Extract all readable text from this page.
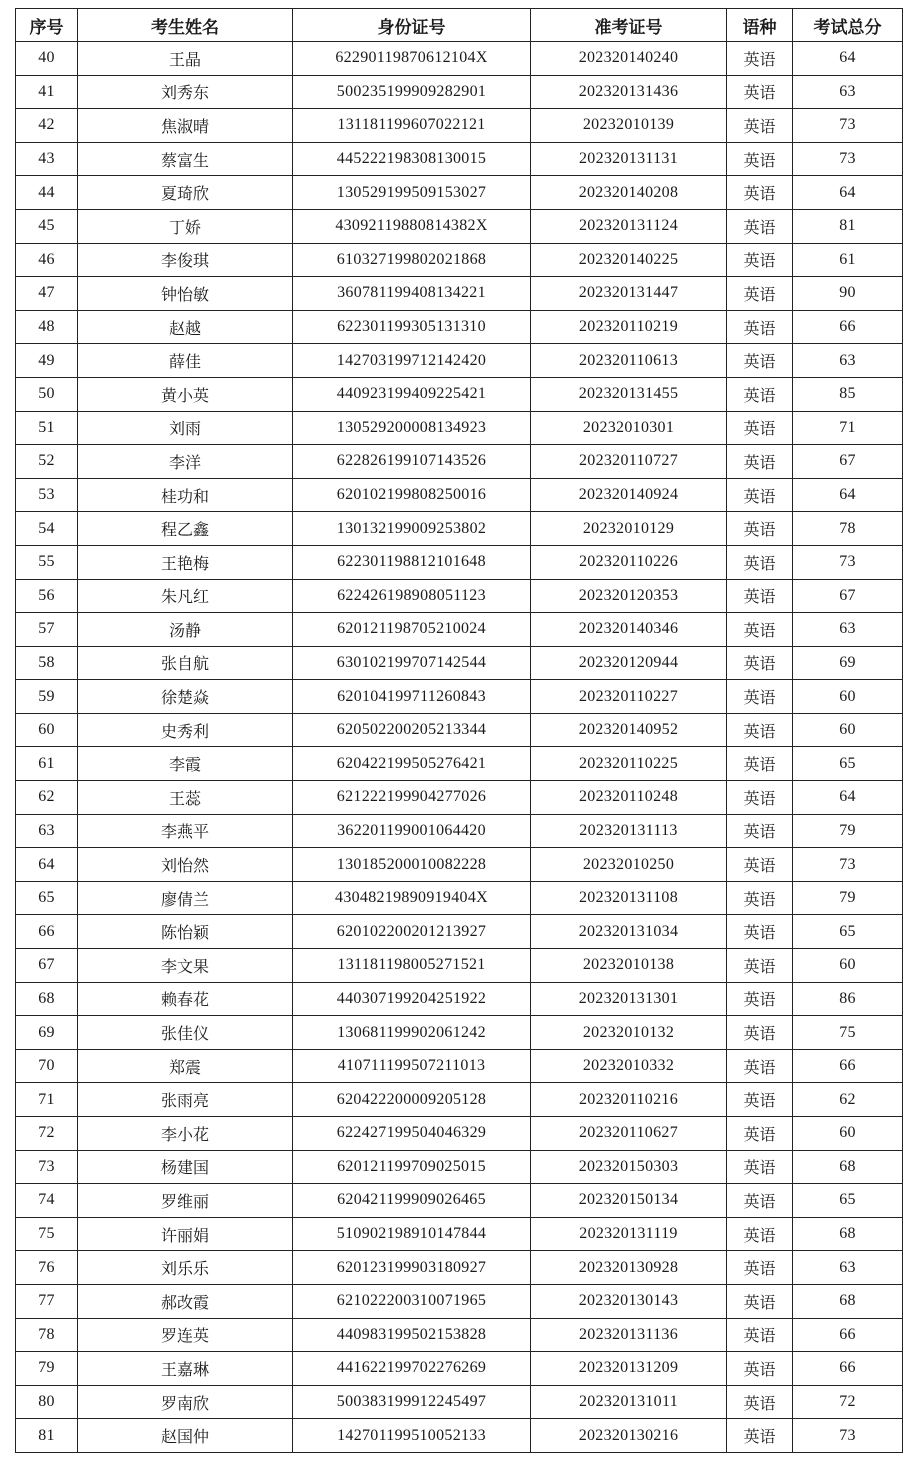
序号	考生姓名	身份证号	准考证号	语种	考试总分
40	王晶	62290119870612104X	202320140240	英语	64
41	刘秀东	500235199909282901	202320131436	英语	63
42	焦淑晴	131181199607022121	20232010139	英语	73
43	蔡富生	445222198308130015	202320131131	英语	73
44	夏琦欣	130529199509153027	202320140208	英语	64
45	丁娇	43092119880814382X	202320131124	英语	81
46	李俊琪	610327199802021868	202320140225	英语	61
47	钟怡敏	360781199408134221	202320131447	英语	90
48	赵越	622301199305131310	202320110219	英语	66
49	薛佳	142703199712142420	202320110613	英语	63
50	黄小英	440923199409225421	202320131455	英语	85
51	刘雨	130529200008134923	20232010301	英语	71
52	李洋	622826199107143526	202320110727	英语	67
53	桂功和	620102199808250016	202320140924	英语	64
54	程乙鑫	130132199009253802	20232010129	英语	78
55	王艳梅	622301198812101648	202320110226	英语	73
56	朱凡红	622426198908051123	202320120353	英语	67
57	汤静	620121198705210024	202320140346	英语	63
58	张自航	630102199707142544	202320120944	英语	69
59	徐楚焱	620104199711260843	202320110227	英语	60
60	史秀利	620502200205213344	202320140952	英语	60
61	李霞	620422199505276421	202320110225	英语	65
62	王蕊	621222199904277026	202320110248	英语	64
63	李燕平	362201199001064420	202320131113	英语	79
64	刘怡然	130185200010082228	20232010250	英语	73
65	廖倩兰	43048219890919404X	202320131108	英语	79
66	陈怡颖	620102200201213927	202320131034	英语	65
67	李文果	131181198005271521	20232010138	英语	60
68	赖春花	440307199204251922	202320131301	英语	86
69	张佳仪	130681199902061242	20232010132	英语	75
70	郑震	410711199507211013	20232010332	英语	66
71	张雨亮	620422200009205128	202320110216	英语	62
72	李小花	622427199504046329	202320110627	英语	60
73	杨建国	620121199709025015	202320150303	英语	68
74	罗维丽	620421199909026465	202320150134	英语	65
75	许丽娟	510902198910147844	202320131119	英语	68
76	刘乐乐	620123199903180927	202320130928	英语	63
77	郝改霞	621022200310071965	202320130143	英语	68
78	罗连英	440983199502153828	202320131136	英语	66
79	王嘉琳	441622199702276269	202320131209	英语	66
80	罗南欣	500383199912245497	202320131011	英语	72
81	赵国仲	142701199510052133	202320130216	英语	73
